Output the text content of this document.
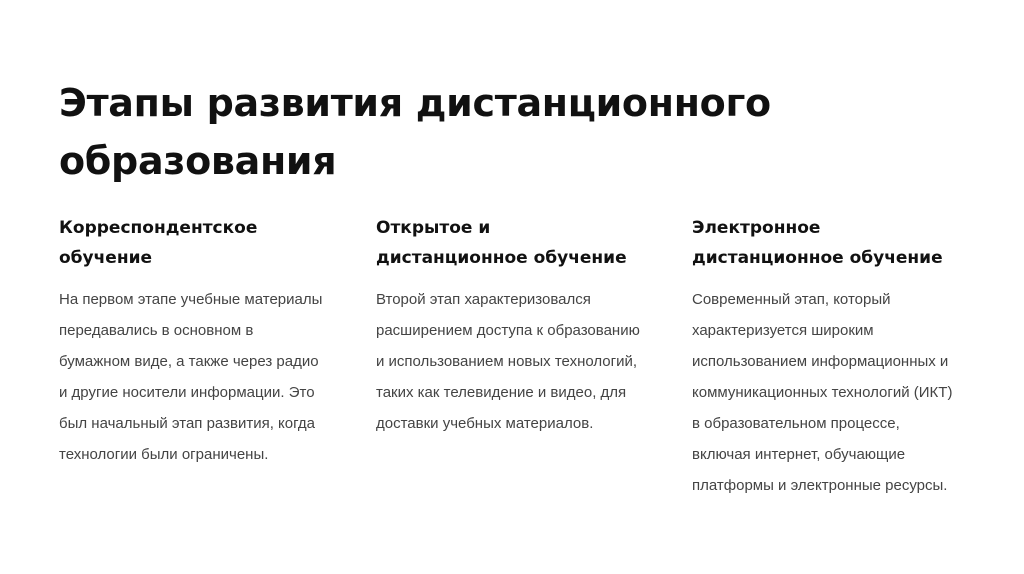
Этапы развития дистанционного образования
Корреспондентское обучение

На первом этапе учебные материалы передавались в основном в бумажном виде, а также через радио и другие носители информации. Это был начальный этап развития, когда технологии были ограничены.

Открытое и дистанционное обучение

Второй этап характеризовался расширением доступа к образованию и использованием новых технологий, таких как телевидение и видео, для доставки учебных материалов.

Электронное дистанционное обучение

Современный этап, который характеризуется широким использованием информационных и коммуникационных технологий (ИКТ) в образовательном процессе, включая интернет, обучающие платформы и электронные ресурсы.
